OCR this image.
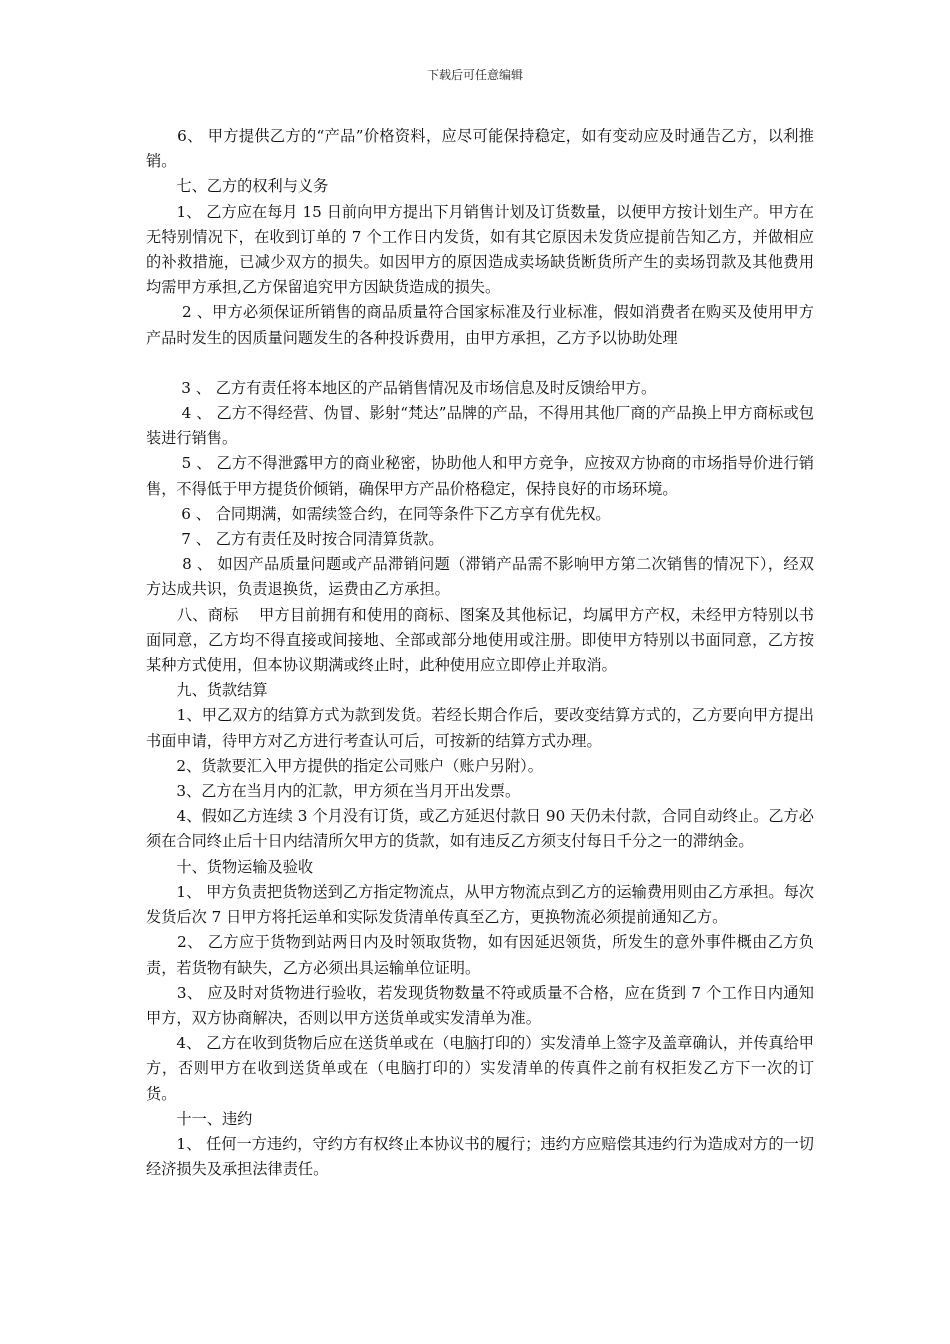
下载后可任意编辑

　　6、 甲方提供乙方的“产品”价格资料，应尽可能保持稳定，如有变动应及时通告乙方，以利推销。

　　七、乙方的权利与义务

　　1、 乙方应在每月 15 日前向甲方提出下月销售计划及订货数量，以便甲方按计划生产。甲方在无特别情况下，在收到订单的 7 个工作日内发货，如有其它原因未发货应提前告知乙方，并做相应的补救措施，已减少双方的损失。如因甲方的原因造成卖场缺货断货所产生的卖场罚款及其他费用均需甲方承担,乙方保留追究甲方因缺货造成的损失。

　　 2 、甲方必须保证所销售的商品质量符合国家标准及行业标准，假如消费者在购买及使用甲方产品时发生的因质量问题发生的各种投诉费用，由甲方承担，乙方予以协助处理

　　 3 、 乙方有责任将本地区的产品销售情况及市场信息及时反馈给甲方。

　　 4 、 乙方不得经营、伪冒、影射“梵达”品牌的产品，不得用其他厂商的产品换上甲方商标或包装进行销售。

　　 5 、 乙方不得泄露甲方的商业秘密，协助他人和甲方竞争，应按双方协商的市场指导价进行销售，不得低于甲方提货价倾销，确保甲方产品价格稳定，保持良好的市场环境。

　　 6 、 合同期满，如需续签合约，在同等条件下乙方享有优先权。

　　 7 、 乙方有责任及时按合同清算货款。

　　 8 、 如因产品质量问题或产品滞销问题（滞销产品需不影响甲方第二次销售的情况下），经双方达成共识，负责退换货，运费由乙方承担。

　　八、商标　 甲方目前拥有和使用的商标、图案及其他标记，均属甲方产权，未经甲方特别以书面同意，乙方均不得直接或间接地、全部或部分地使用或注册。即使甲方特别以书面同意，乙方按某种方式使用，但本协议期满或终止时，此种使用应立即停止并取消。

　　九、货款结算

　　1、甲乙双方的结算方式为款到发货。若经长期合作后，要改变结算方式的，乙方要向甲方提出书面申请，待甲方对乙方进行考查认可后，可按新的结算方式办理。

　　2、货款要汇入甲方提供的指定公司账户（账户另附）。

　　3、乙方在当月内的汇款，甲方须在当月开出发票。

　　4、假如乙方连续 3 个月没有订货，或乙方延迟付款日 90 天仍未付款，合同自动终止。乙方必须在合同终止后十日内结清所欠甲方的货款，如有违反乙方须支付每日千分之一的滞纳金。

　　十、货物运输及验收

　　1、 甲方负责把货物送到乙方指定物流点，从甲方物流点到乙方的运输费用则由乙方承担。每次发货后次 7 日甲方将托运单和实际发货清单传真至乙方，更换物流必须提前通知乙方。

　　2、 乙方应于货物到站两日内及时领取货物，如有因延迟领货，所发生的意外事件概由乙方负责，若货物有缺失，乙方必须出具运输单位证明。

　　3、 应及时对货物进行验收，若发现货物数量不符或质量不合格，应在货到 7 个工作日内通知甲方，双方协商解决，否则以甲方送货单或实发清单为准。

　　4、 乙方在收到货物后应在送货单或在（电脑打印的）实发清单上签字及盖章确认，并传真给甲方，否则甲方在收到送货单或在（电脑打印的）实发清单的传真件之前有权拒发乙方下一次的订货。

　　十一、违约

　　1、 任何一方违约，守约方有权终止本协议书的履行；违约方应赔偿其违约行为造成对方的一切经济损失及承担法律责任。
